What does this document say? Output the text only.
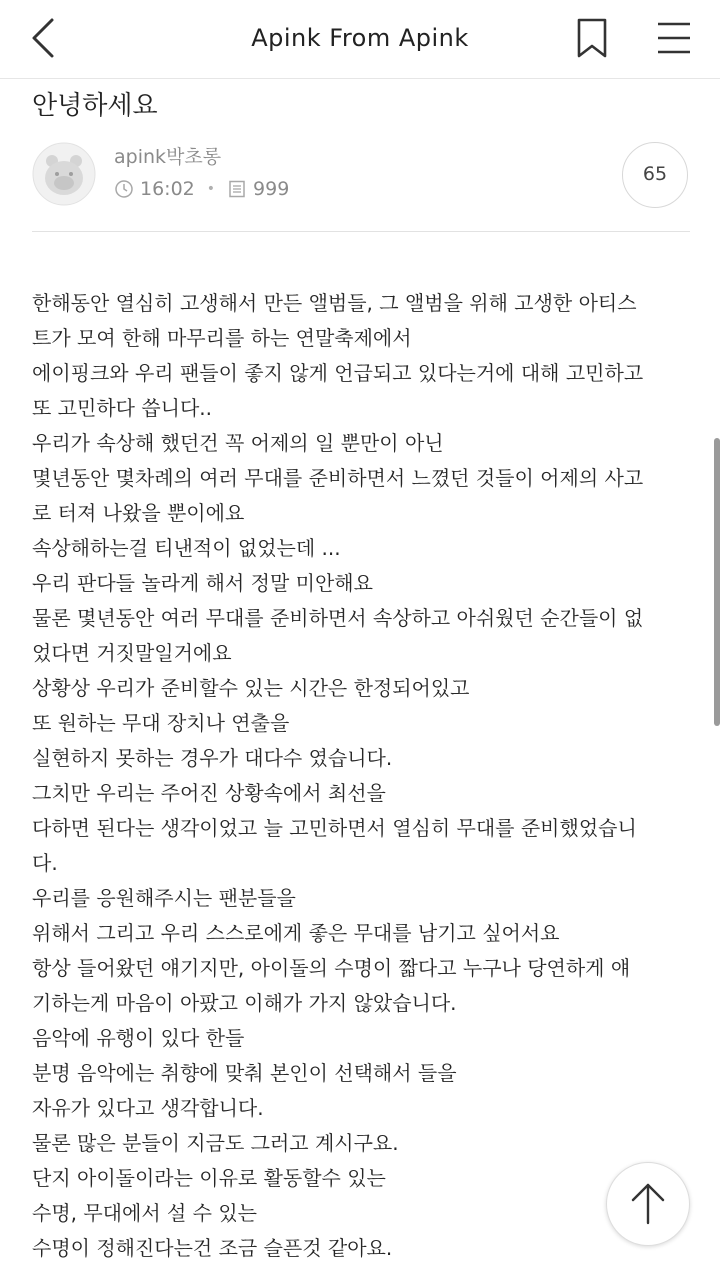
Apink From Apink
안녕하세요
apink박초롱
16:02 • 999
65
한해동안 열심히 고생해서 만든 앨범들, 그 앨범을 위해 고생한 아티스
트가 모여 한해 마무리를 하는 연말축제에서
에이핑크와 우리 팬들이 좋지 않게 언급되고 있다는거에 대해 고민하고
또 고민하다 씁니다..
우리가 속상해 했던건 꼭 어제의 일 뿐만이 아닌
몇년동안 몇차례의 여러 무대를 준비하면서 느꼈던 것들이 어제의 사고
로 터져 나왔을 뿐이에요
속상해하는걸 티낸적이 없었는데 ...
우리 판다들 놀라게 해서 정말 미안해요
물론 몇년동안 여러 무대를 준비하면서 속상하고 아쉬웠던 순간들이 없
었다면 거짓말일거에요
상황상 우리가 준비할수 있는 시간은 한정되어있고
또 원하는 무대 장치나 연출을
실현하지 못하는 경우가 대다수 였습니다.
그치만 우리는 주어진 상황속에서 최선을
다하면 된다는 생각이었고 늘 고민하면서 열심히 무대를 준비했었습니
다.
우리를 응원해주시는 팬분들을
위해서 그리고 우리 스스로에게 좋은 무대를 남기고 싶어서요
항상 들어왔던 얘기지만, 아이돌의 수명이 짧다고 누구나 당연하게 얘
기하는게 마음이 아팠고 이해가 가지 않았습니다.
음악에 유행이 있다 한들
분명 음악에는 취향에 맞춰 본인이 선택해서 들을
자유가 있다고 생각합니다.
물론 많은 분들이 지금도 그러고 계시구요.
단지 아이돌이라는 이유로 활동할수 있는
수명, 무대에서 설 수 있는
수명이 정해진다는건 조금 슬픈것 같아요.
